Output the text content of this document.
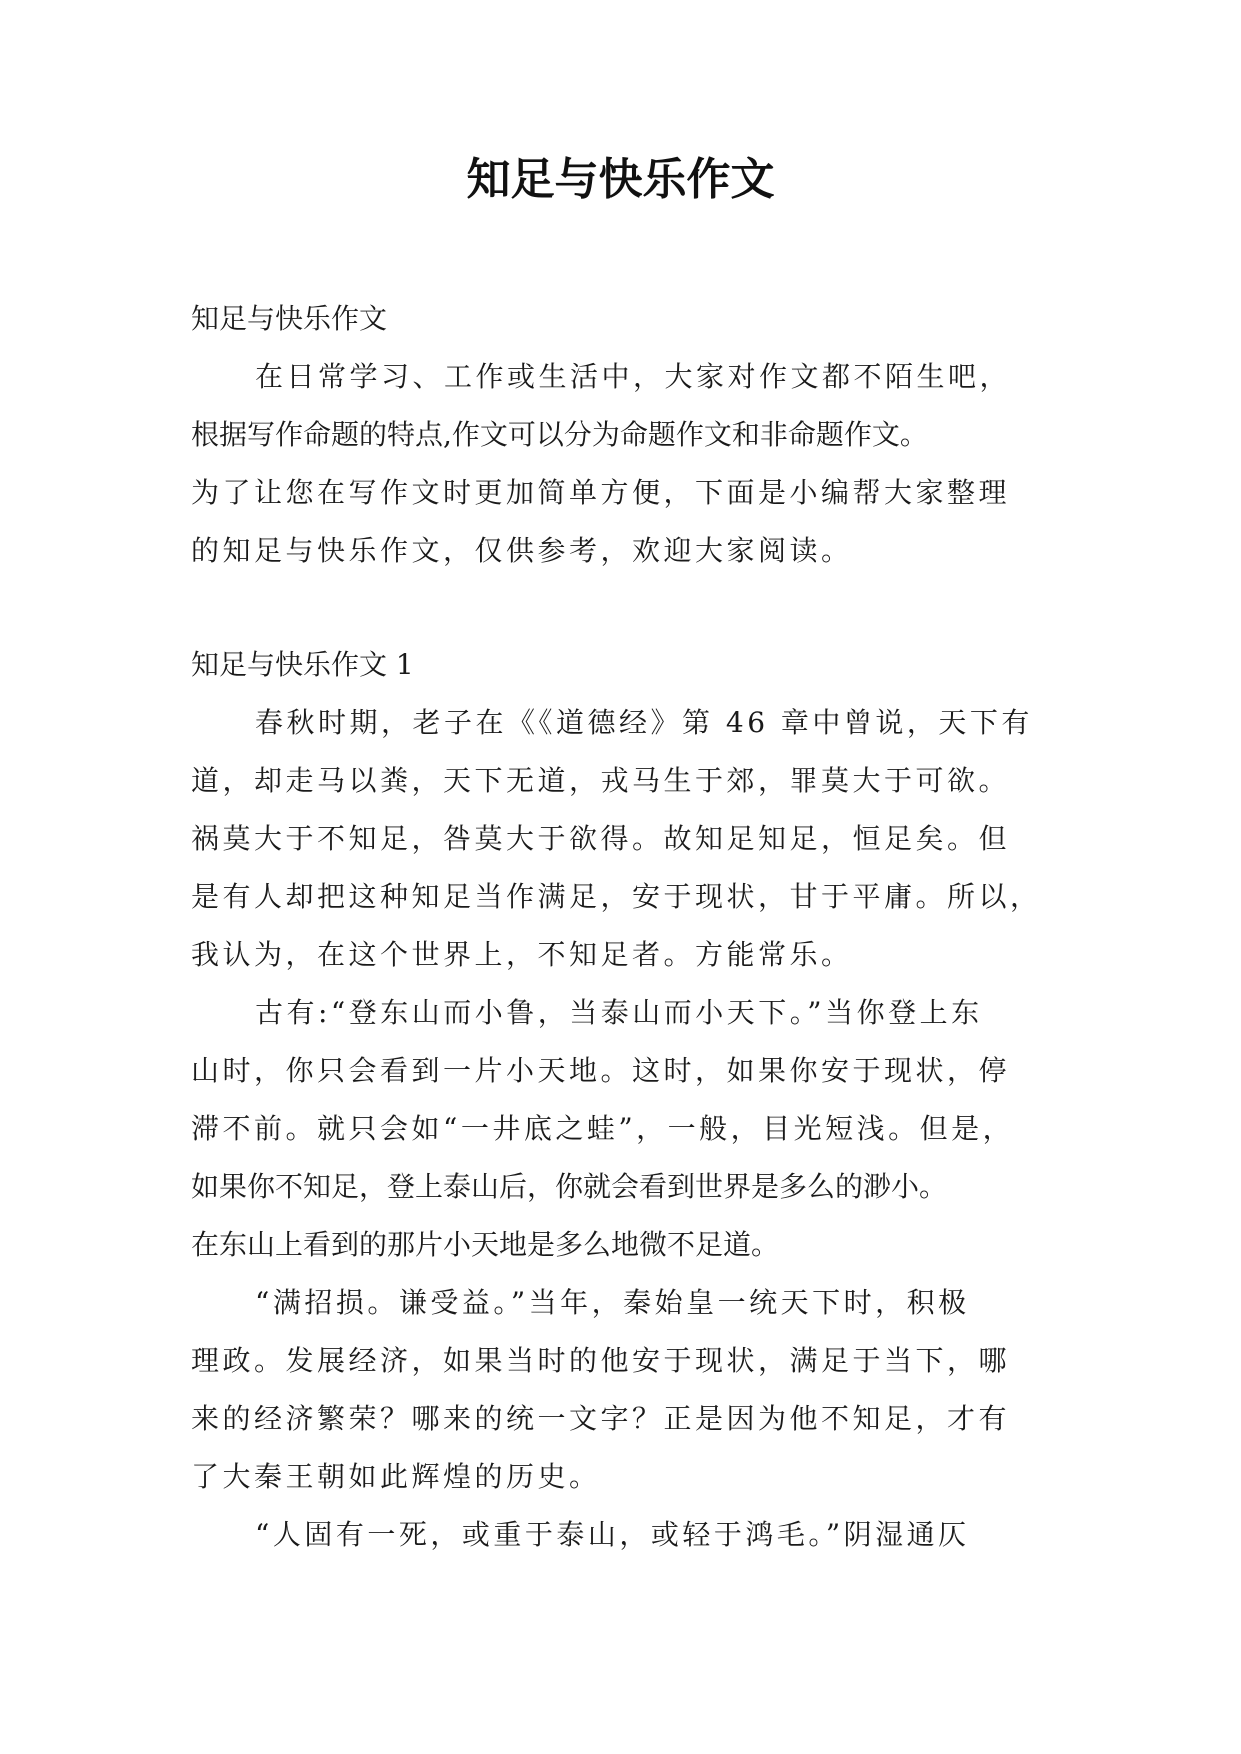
知足与快乐作文

知足与快乐作文

在日常学习、工作或生活中，大家对作文都不陌生吧，
根据写作命题的特点,作文可以分为命题作文和非命题作文。
为了让您在写作文时更加简单方便，下面是小编帮大家整理
的知足与快乐作文，仅供参考，欢迎大家阅读。

知足与快乐作文 1

春秋时期，老子在《《道德经》第 46 章中曾说，天下有
道，却走马以粪，天下无道，戎马生于郊，罪莫大于可欲。
祸莫大于不知足，咎莫大于欲得。故知足知足，恒足矣。但
是有人却把这种知足当作满足，安于现状，甘于平庸。所以，
我认为，在这个世界上，不知足者。方能常乐。

古有:“登东山而小鲁，当泰山而小天下。”当你登上东
山时，你只会看到一片小天地。这时，如果你安于现状，停
滞不前。就只会如“一井底之蛙”，一般，目光短浅。但是，
如果你不知足，登上泰山后，你就会看到世界是多么的渺小。
在东山上看到的那片小天地是多么地微不足道。

“满招损。谦受益。”当年，秦始皇一统天下时，积极
理政。发展经济，如果当时的他安于现状，满足于当下，哪
来的经济繁荣？哪来的统一文字？正是因为他不知足，才有
了大秦王朝如此辉煌的历史。

“人固有一死，或重于泰山，或轻于鸿毛。”阴湿通仄
